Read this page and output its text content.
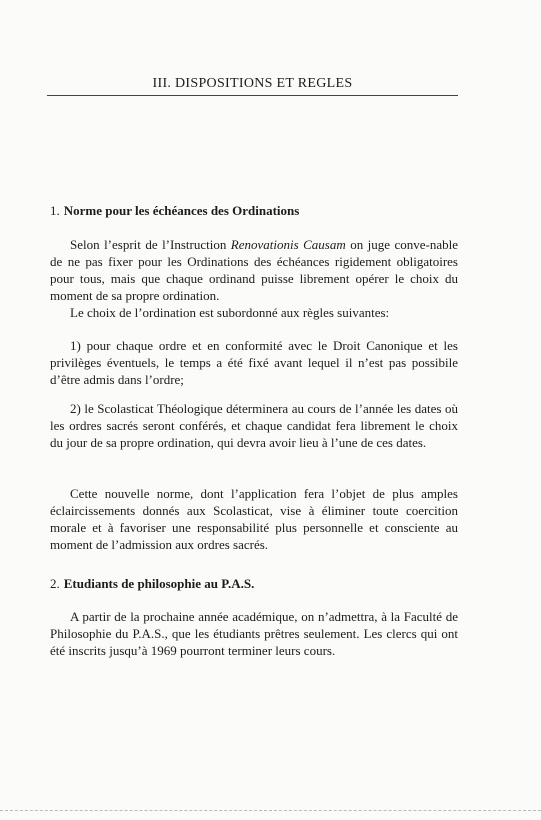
III. DISPOSITIONS ET REGLES
1. Norme pour les échéances des Ordinations

Selon l’esprit de l’Instruction Renovationis Causam on juge conve-nable de ne pas fixer pour les Ordinations des échéances rigidement obligatoires pour tous, mais que chaque ordinand puisse librement opérer le choix du moment de sa propre ordination.

Le choix de l’ordination est subordonné aux règles suivantes:

1) pour chaque ordre et en conformité avec le Droit Canonique et les privilèges éventuels, le temps a été fixé avant lequel il n’est pas possibile d’être admis dans l’ordre;

2) le Scolasticat Théologique déterminera au cours de l’année les dates où les ordres sacrés seront conférés, et chaque candidat fera librement le choix du jour de sa propre ordination, qui devra avoir lieu à l’une de ces dates.

Cette nouvelle norme, dont l’application fera l’objet de plus amples éclaircissements donnés aux Scolasticat, vise à éliminer toute coercition morale et à favoriser une responsabilité plus personnelle et consciente au moment de l’admission aux ordres sacrés.

2. Etudiants de philosophie au P.A.S.

A partir de la prochaine année académique, on n’admettra, à la Faculté de Philosophie du P.A.S., que les étudiants prêtres seulement. Les clercs qui ont été inscrits jusqu’à 1969 pourront terminer leurs cours.
